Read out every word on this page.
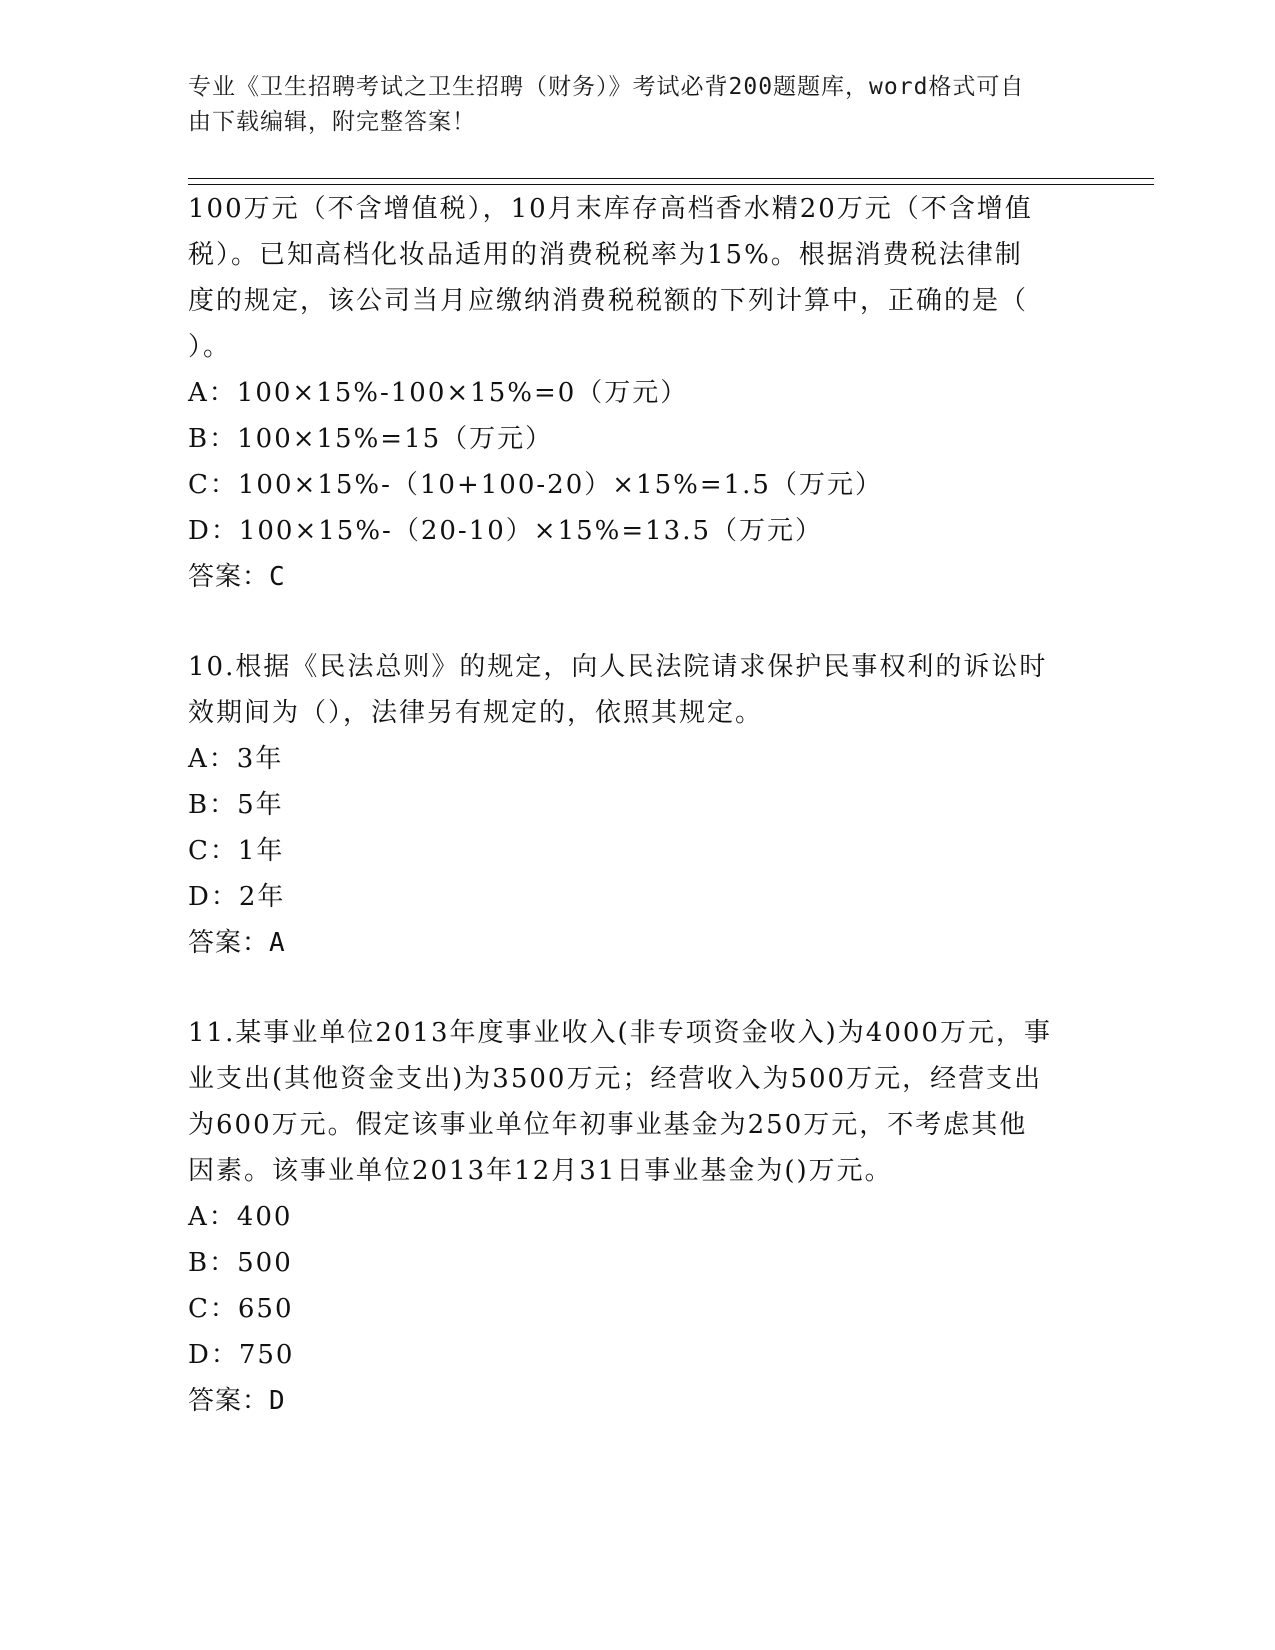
专业《卫生招聘考试之卫生招聘（财务）》考试必背200题题库，word格式可自
由下载编辑，附完整答案！
100万元（不含增值税），10月末库存高档香水精20万元（不含增值
税）。已知高档化妆品适用的消费税税率为15%。根据消费税法律制
度的规定，该公司当月应缴纳消费税税额的下列计算中，正确的是（
）。
A：100×15%-100×15%=0（万元）
B：100×15%=15（万元）
C：100×15%-（10+100-20）×15%=1.5（万元）
D：100×15%-（20-10）×15%=13.5（万元）
答案：C
10.根据《民法总则》的规定，向人民法院请求保护民事权利的诉讼时
效期间为（），法律另有规定的，依照其规定。
A：3年
B：5年
C：1年
D：2年
答案：A
11.某事业单位2013年度事业收入(非专项资金收入)为4000万元，事
业支出(其他资金支出)为3500万元；经营收入为500万元，经营支出
为600万元。假定该事业单位年初事业基金为250万元，不考虑其他
因素。该事业单位2013年12月31日事业基金为()万元。
A：400
B：500
C：650
D：750
答案：D
